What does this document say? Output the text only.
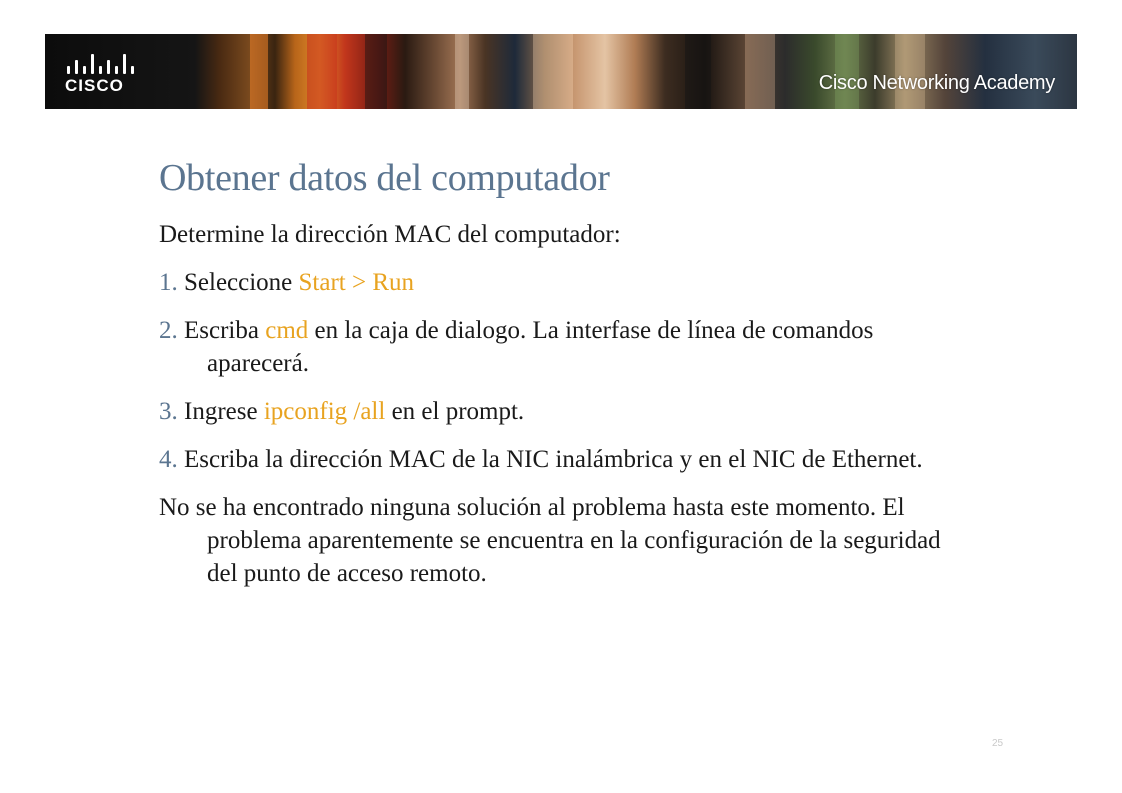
CISCO	Cisco Networking Academy
Obtener datos del computador

Determine la dirección MAC del computador:

1. Seleccione Start > Run
2. Escriba cmd en la caja de dialogo. La interfase de línea de comandos aparecerá.
3. Ingrese ipconfig /all en el prompt.
4. Escriba la dirección MAC de la NIC inalámbrica y en el NIC de Ethernet.

No se ha encontrado ninguna solución al problema hasta este momento. El problema aparentemente se encuentra en la configuración de la seguridad del punto de acceso remoto.

25
